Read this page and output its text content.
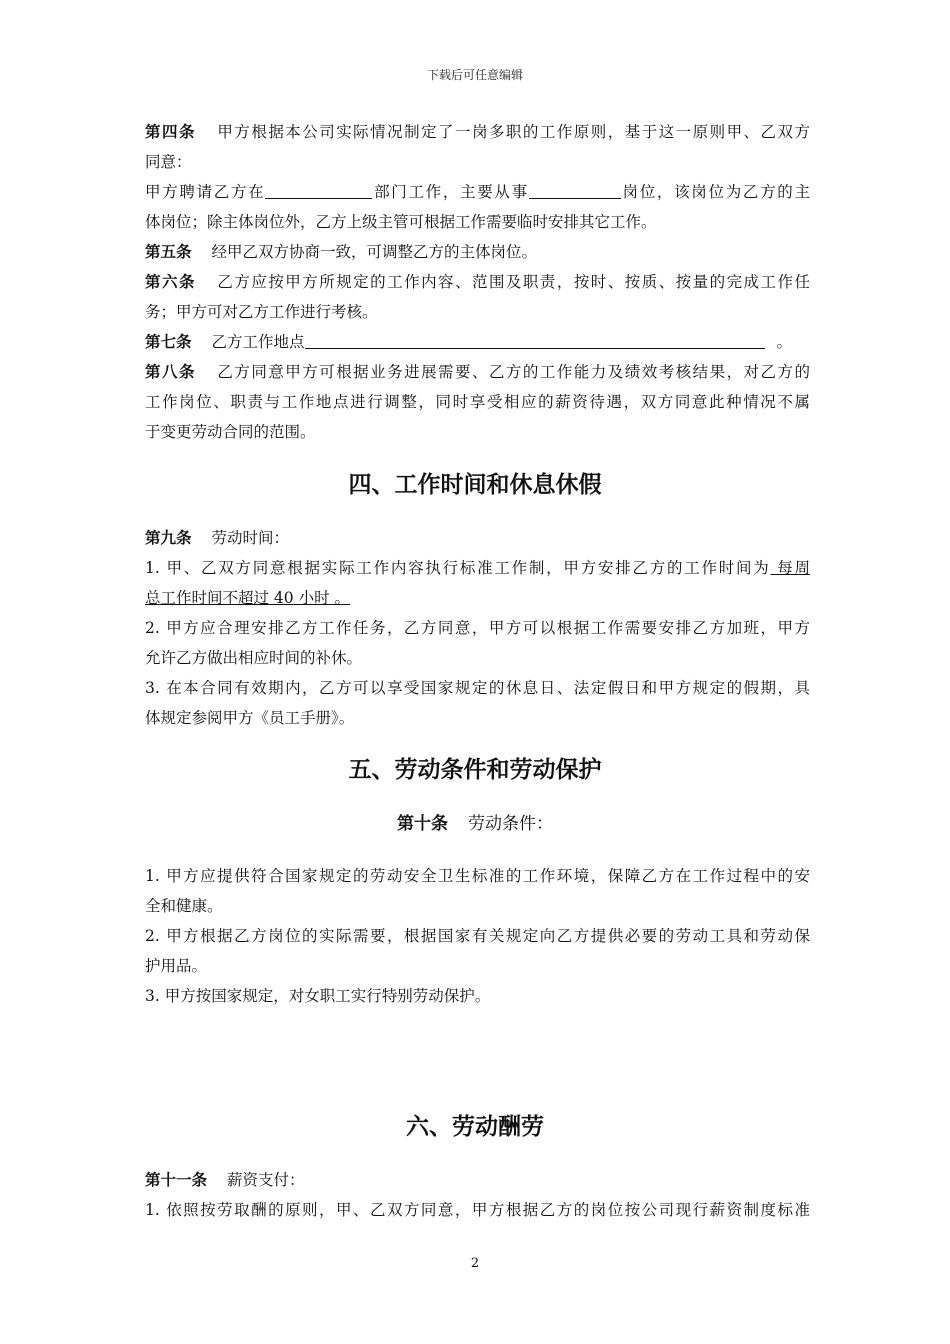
下载后可任意编辑
第四条 甲方根据本公司实际情况制定了一岗多职的工作原则，基于这一原则甲、乙双方
同意：
甲方聘请乙方在	部门工作，主要从事	岗位，该岗位为乙方的主
体岗位；除主体岗位外，乙方上级主管可根据工作需要临时安排其它工作。
第五条 经甲乙双方协商一致，可调整乙方的主体岗位。
第六条 乙方应按甲方所规定的工作内容、范围及职责，按时、按质、按量的完成工作任
务；甲方可对乙方工作进行考核。
第七条 乙方工作地点	。
第八条 乙方同意甲方可根据业务进展需要、乙方的工作能力及绩效考核结果，对乙方的
工作岗位、职责与工作地点进行调整，同时享受相应的薪资待遇，双方同意此种情况不属
于变更劳动合同的范围。
四、工作时间和休息休假
第九条 劳动时间：
1. 甲、乙双方同意根据实际工作内容执行标准工作制，甲方安排乙方的工作时间为 每周
总工作时间不超过 40 小时 。
2. 甲方应合理安排乙方工作任务，乙方同意，甲方可以根据工作需要安排乙方加班，甲方
允许乙方做出相应时间的补休。
3. 在本合同有效期内，乙方可以享受国家规定的休息日、法定假日和甲方规定的假期，具
体规定参阅甲方《员工手册》。
五、劳动条件和劳动保护
第十条 劳动条件：
1. 甲方应提供符合国家规定的劳动安全卫生标准的工作环境，保障乙方在工作过程中的安
全和健康。
2. 甲方根据乙方岗位的实际需要，根据国家有关规定向乙方提供必要的劳动工具和劳动保
护用品。
3. 甲方按国家规定，对女职工实行特别劳动保护。
六、劳动酬劳
第十一条 薪资支付：
1. 依照按劳取酬的原则，甲、乙双方同意，甲方根据乙方的岗位按公司现行薪资制度标准
2
